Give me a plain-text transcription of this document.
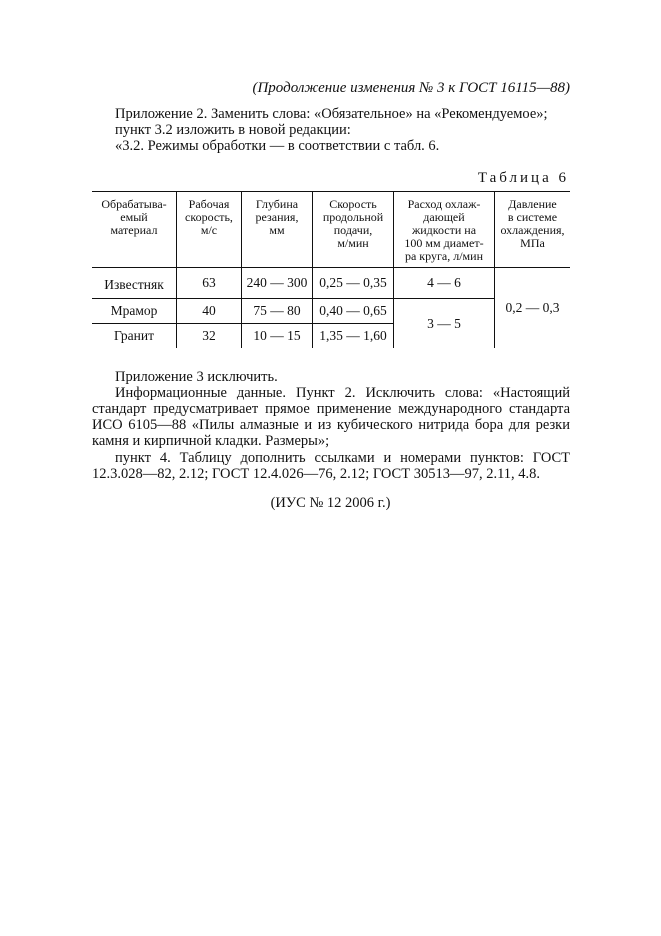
(Продолжение изменения № 3 к ГОСТ 16115—88)
Приложение 2. Заменить слова: «Обязательное» на «Рекомендуемое»;
пункт 3.2 изложить в новой редакции:
«3.2. Режимы обработки — в соответствии с табл. 6.
Таблица 6
Обрабатыва-
емый
материал	Рабочая
скорость,
м/с	Глубина
резания,
мм	Скорость
продольной
подачи,
м/мин	Расход охлаж-
дающей
жидкости на
100 мм диамет-
ра круга, л/мин	Давление
в системе
охлаждения,
МПа

Известняк	63	240 — 300	0,25 — 0,35	4 — 6	0,2 — 0,3
Мрамор	40	75 — 80	0,40 — 0,65	3 — 5	
Гранит	32	10 — 15	1,35 — 1,60		
Приложение 3 исключить.
Информационные данные. Пункт 2. Исключить слова: «Настоящий
стандарт предусматривает прямое применение международного стандарта
ИСО 6105—88 «Пилы алмазные и из кубического нитрида бора для резки
камня и кирпичной кладки. Размеры»;
пункт 4. Таблицу дополнить ссылками и номерами пунктов: ГОСТ
12.3.028—82, 2.12; ГОСТ 12.4.026—76, 2.12; ГОСТ 30513—97, 2.11, 4.8.
(ИУС № 12 2006 г.)
